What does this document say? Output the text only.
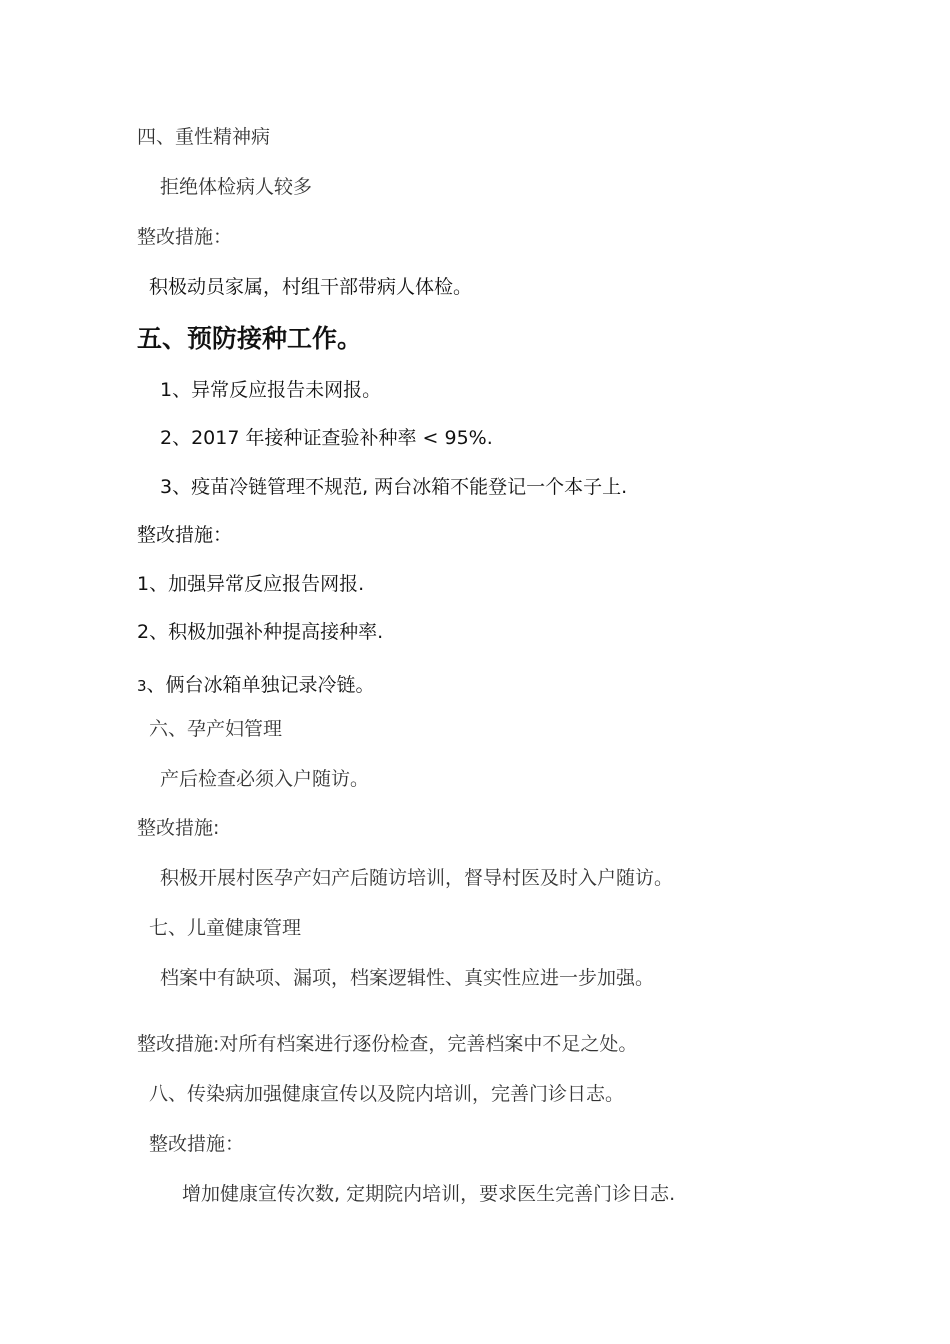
四、重性精神病
拒绝体检病人较多
整改措施：
积极动员家属，村组干部带病人体检。
五、预防接种工作。
1、异常反应报告未网报。
2、2017 年接种证查验补种率 < 95%.
3、疫苗冷链管理不规范, 两台冰箱不能登记一个本子上.
整改措施：
1、加强异常反应报告网报.
2、积极加强补种提高接种率.
3、俩台冰箱单独记录冷链。
六、孕产妇管理
产后检查必须入户随访。
整改措施:
积极开展村医孕产妇产后随访培训，督导村医及时入户随访。
七、儿童健康管理
档案中有缺项、漏项，档案逻辑性、真实性应进一步加强。
整改措施:对所有档案进行逐份检查，完善档案中不足之处。
八、传染病加强健康宣传以及院内培训，完善门诊日志。
整改措施：
增加健康宣传次数, 定期院内培训，要求医生完善门诊日志.
